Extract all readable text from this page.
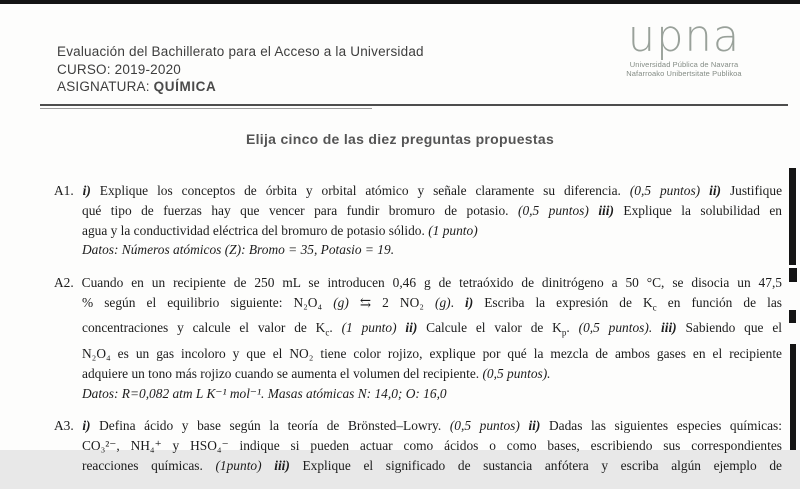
Evaluación del Bachillerato para el Acceso a la Universidad
CURSO: 2019-2020
ASIGNATURA: QUÍMICA
upna
Universidad Pública de Navarra
Nafarroako Unibertsitate Publikoa
Elija cinco de las diez preguntas propuestas
A1. i) Explique los conceptos de órbita y orbital atómico y señale claramente su diferencia. (0,5 puntos) ii) Justifique
qué tipo de fuerzas hay que vencer para fundir bromuro de potasio. (0,5 puntos) iii) Explique la solubilidad en
agua y la conductividad eléctrica del bromuro de potasio sólido. (1 punto)
Datos: Números atómicos (Z): Bromo = 35, Potasio = 19.
A2. Cuando en un recipiente de 250 mL se introducen 0,46 g de tetraóxido de dinitrógeno a 50 °C, se disocia un 47,5
% según el equilibrio siguiente: N₂O₄ (g) ⇆ 2 NO₂ (g). i) Escriba la expresión de $K_c$ en función de las
concentraciones y calcule el valor de $K_c$. (1 punto) ii) Calcule el valor de $K_p$. (0,5 puntos). iii) Sabiendo que el
N₂O₄ es un gas incoloro y que el NO₂ tiene color rojizo, explique por qué la mezcla de ambos gases en el recipiente
adquiere un tono más rojizo cuando se aumenta el volumen del recipiente. (0,5 puntos).
Datos: R=0,082 atm L K⁻¹ mol⁻¹. Masas atómicas N: 14,0; O: 16,0
A3. i) Defina ácido y base según la teoría de Brönsted–Lowry. (0,5 puntos) ii) Dadas las siguientes especies químicas:
CO₃²⁻, NH₄⁺ y HSO₄⁻ indique si pueden actuar como ácidos o como bases, escribiendo sus correspondientes
reacciones químicas. (1punto) iii) Explique el significado de sustancia anfótera y escriba algún ejemplo de
